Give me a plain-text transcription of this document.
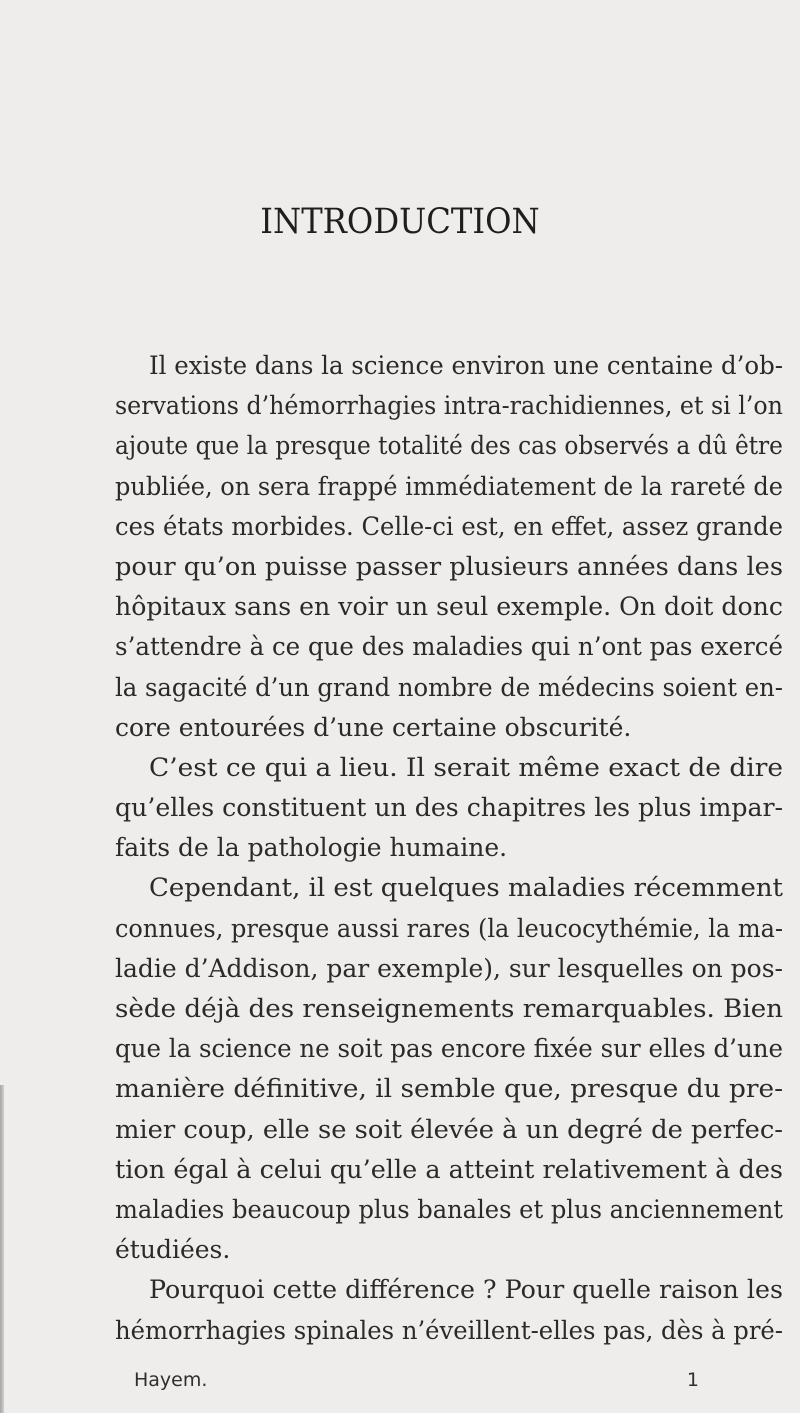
INTRODUCTION
Il existe dans la science environ une centaine d’ob-
servations d’hémorrhagies intra-rachidiennes, et si l’on
ajoute que la presque totalité des cas observés a dû être
publiée, on sera frappé immédiatement de la rareté de
ces états morbides. Celle-ci est, en effet, assez grande
pour qu’on puisse passer plusieurs années dans les
hôpitaux sans en voir un seul exemple. On doit donc
s’attendre à ce que des maladies qui n’ont pas exercé
la sagacité d’un grand nombre de médecins soient en-
core entourées d’une certaine obscurité.
C’est ce qui a lieu. Il serait même exact de dire
qu’elles constituent un des chapitres les plus impar-
faits de la pathologie humaine.
Cependant, il est quelques maladies récemment
connues, presque aussi rares (la leucocythémie, la ma-
ladie d’Addison, par exemple), sur lesquelles on pos-
sède déjà des renseignements remarquables. Bien
que la science ne soit pas encore fixée sur elles d’une
manière définitive, il semble que, presque du pre-
mier coup, elle se soit élevée à un degré de perfec-
tion égal à celui qu’elle a atteint relativement à des
maladies beaucoup plus banales et plus anciennement
étudiées.
Pourquoi cette différence ? Pour quelle raison les
hémorrhagies spinales n’éveillent-elles pas, dès à pré-
Hayem.	1
